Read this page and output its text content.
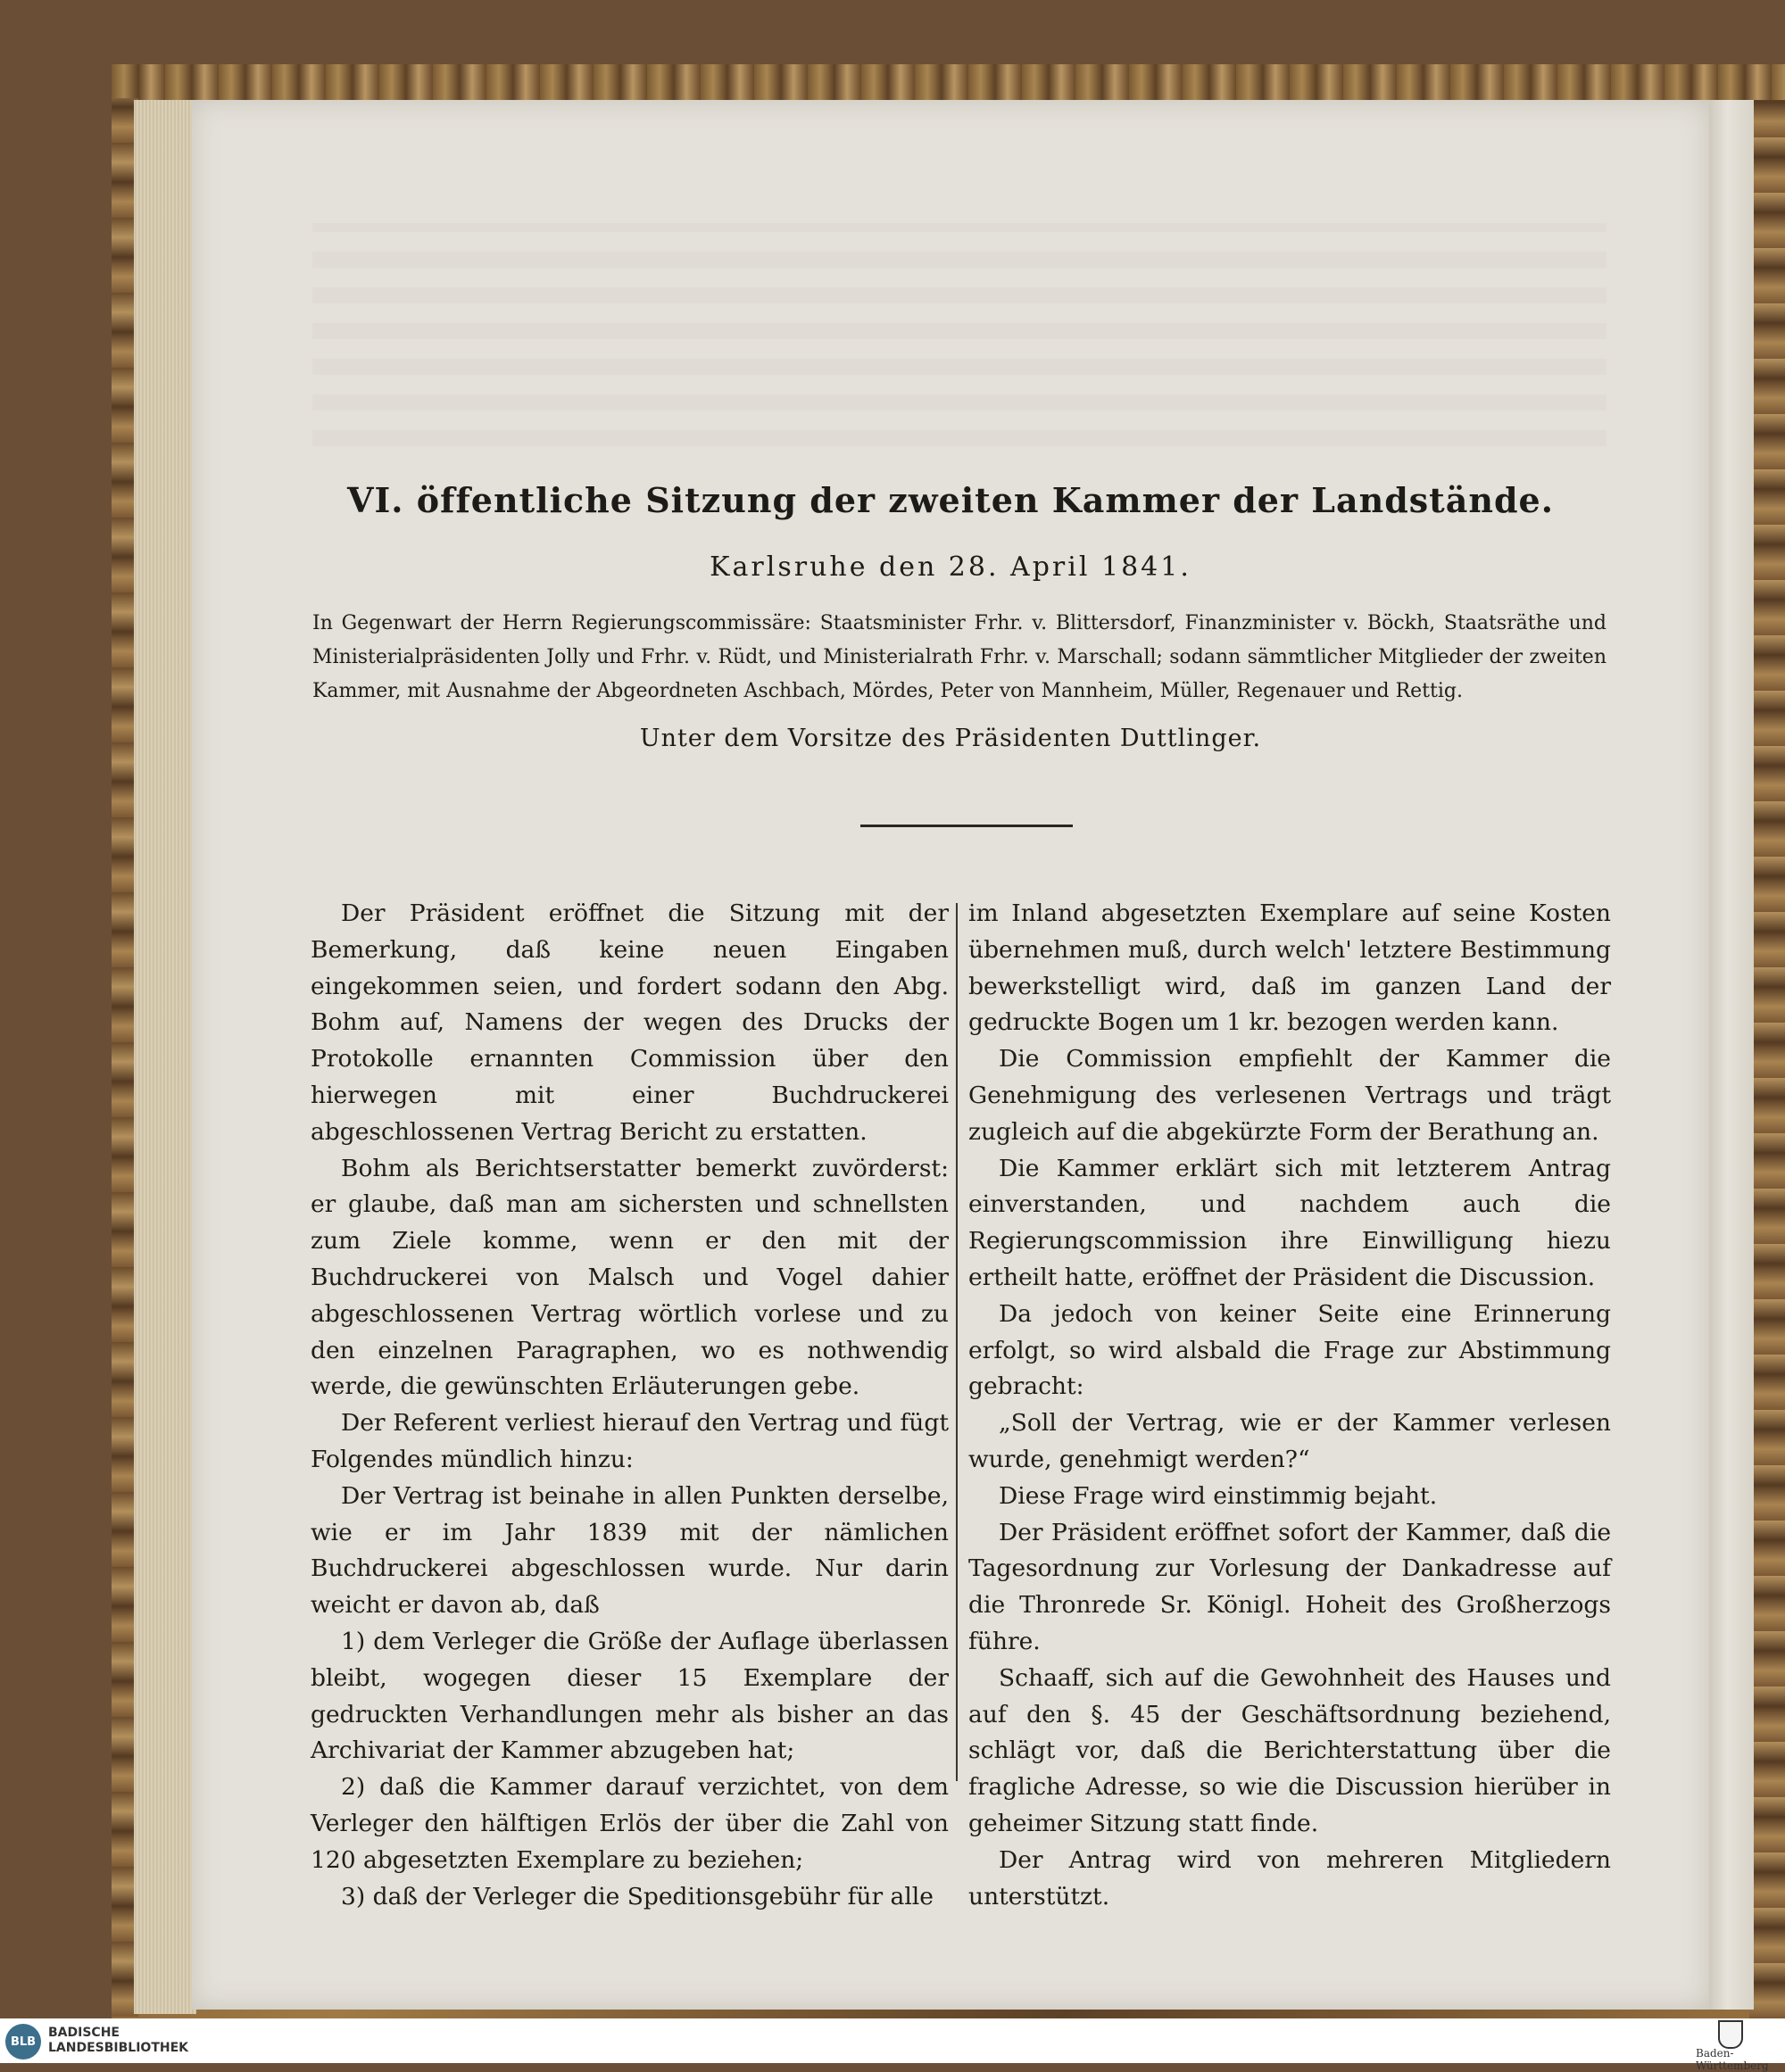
VI. öffentliche Sitzung der zweiten Kammer der Landstände.
Karlsruhe den 28. April 1841.
In Gegenwart der Herrn Regierungscommissäre: Staatsminister Frhr. v. Blittersdorf, Finanzminister v. Böckh, Staatsräthe und Ministerialpräsidenten Jolly und Frhr. v. Rüdt, und Ministerialrath Frhr. v. Marschall; sodann sämmtlicher Mitglieder der zweiten Kammer, mit Ausnahme der Abgeordneten Aschbach, Mördes, Peter von Mannheim, Müller, Regenauer und Rettig.
Unter dem Vorsitze des Präsidenten Duttlinger.

Der Präsident eröffnet die Sitzung mit der Bemerkung, daß keine neuen Eingaben eingekommen seien, und fordert sodann den Abg. Bohm auf, Namens der wegen des Drucks der Protokolle ernannten Commission über den hierwegen mit einer Buchdruckerei abgeschlossenen Vertrag Bericht zu erstatten.

Bohm als Berichtserstatter bemerkt zuvörderst: er glaube, daß man am sichersten und schnellsten zum Ziele komme, wenn er den mit der Buchdruckerei von Malsch und Vogel dahier abgeschlossenen Vertrag wörtlich vorlese und zu den einzelnen Paragraphen, wo es nothwendig werde, die gewünschten Erläuterungen gebe.

Der Referent verliest hierauf den Vertrag und fügt Folgendes mündlich hinzu:

Der Vertrag ist beinahe in allen Punkten derselbe, wie er im Jahr 1839 mit der nämlichen Buchdruckerei abgeschlossen wurde. Nur darin weicht er davon ab, daß

1) dem Verleger die Größe der Auflage überlassen bleibt, wogegen dieser 15 Exemplare der gedruckten Verhandlungen mehr als bisher an das Archivariat der Kammer abzugeben hat;

2) daß die Kammer darauf verzichtet, von dem Verleger den hälftigen Erlös der über die Zahl von 120 abgesetzten Exemplare zu beziehen;

3) daß der Verleger die Speditionsgebühr für alle

im Inland abgesetzten Exemplare auf seine Kosten übernehmen muß, durch welch' letztere Bestimmung bewerkstelligt wird, daß im ganzen Land der gedruckte Bogen um 1 kr. bezogen werden kann.

Die Commission empfiehlt der Kammer die Genehmigung des verlesenen Vertrags und trägt zugleich auf die abgekürzte Form der Berathung an.

Die Kammer erklärt sich mit letzterem Antrag einverstanden, und nachdem auch die Regierungscommission ihre Einwilligung hiezu ertheilt hatte, eröffnet der Präsident die Discussion.

Da jedoch von keiner Seite eine Erinnerung erfolgt, so wird alsbald die Frage zur Abstimmung gebracht:

„Soll der Vertrag, wie er der Kammer verlesen wurde, genehmigt werden?“

Diese Frage wird einstimmig bejaht.

Der Präsident eröffnet sofort der Kammer, daß die Tagesordnung zur Vorlesung der Dankadresse auf die Thronrede Sr. Königl. Hoheit des Großherzogs führe.

Schaaff, sich auf die Gewohnheit des Hauses und auf den §. 45 der Geschäftsordnung beziehend, schlägt vor, daß die Berichterstattung über die fragliche Adresse, so wie die Discussion hierüber in geheimer Sitzung statt finde.

Der Antrag wird von mehreren Mitgliedern unterstützt.

BLB
BADISCHE
LANDESBIBLIOTHEK	Baden-Württemberg
